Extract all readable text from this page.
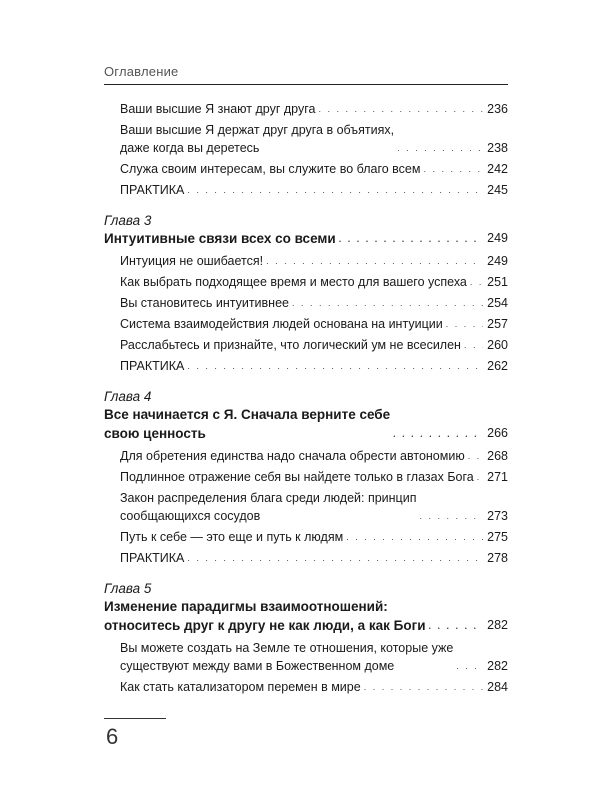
Оглавление
Ваши высшие Я знают друг друга . . .	236
Ваши высшие Я держат друг друга в объятиях,
даже когда вы деретесь . . .	238
Служа своим интересам, вы служите во благо всем . . .	242
ПРАКТИКА . . .	245
Глава 3
Интуитивные связи всех со всеми . . .	249
Интуиция не ошибается! . . .	249
Как выбрать подходящее время и место для вашего успеха . . . 251
Вы становитесь интуитивнее . . .	254
Система взаимодействия людей основана на интуиции . . .	257
Расслабьтесь и признайте, что логический ум не всесилен . . . 260
ПРАКТИКА . . .	262
Глава 4
Все начинается с Я. Сначала верните себе
свою ценность . . .	266
Для обретения единства надо сначала обрести автономию . . . 268
Подлинное отражение себя вы найдете только в глазах Бога . . . 271
Закон распределения блага среди людей: принцип
сообщающихся сосудов . . .	273
Путь к себе — это еще и путь к людям . . .	275
ПРАКТИКА . . .	278
Глава 5
Изменение парадигмы взаимоотношений:
относитесь друг к другу не как люди, а как Боги . . .	282
Вы можете создать на Земле те отношения, которые уже
существуют между вами в Божественном доме . . .	282
Как стать катализатором перемен в мире . . .	284
6
